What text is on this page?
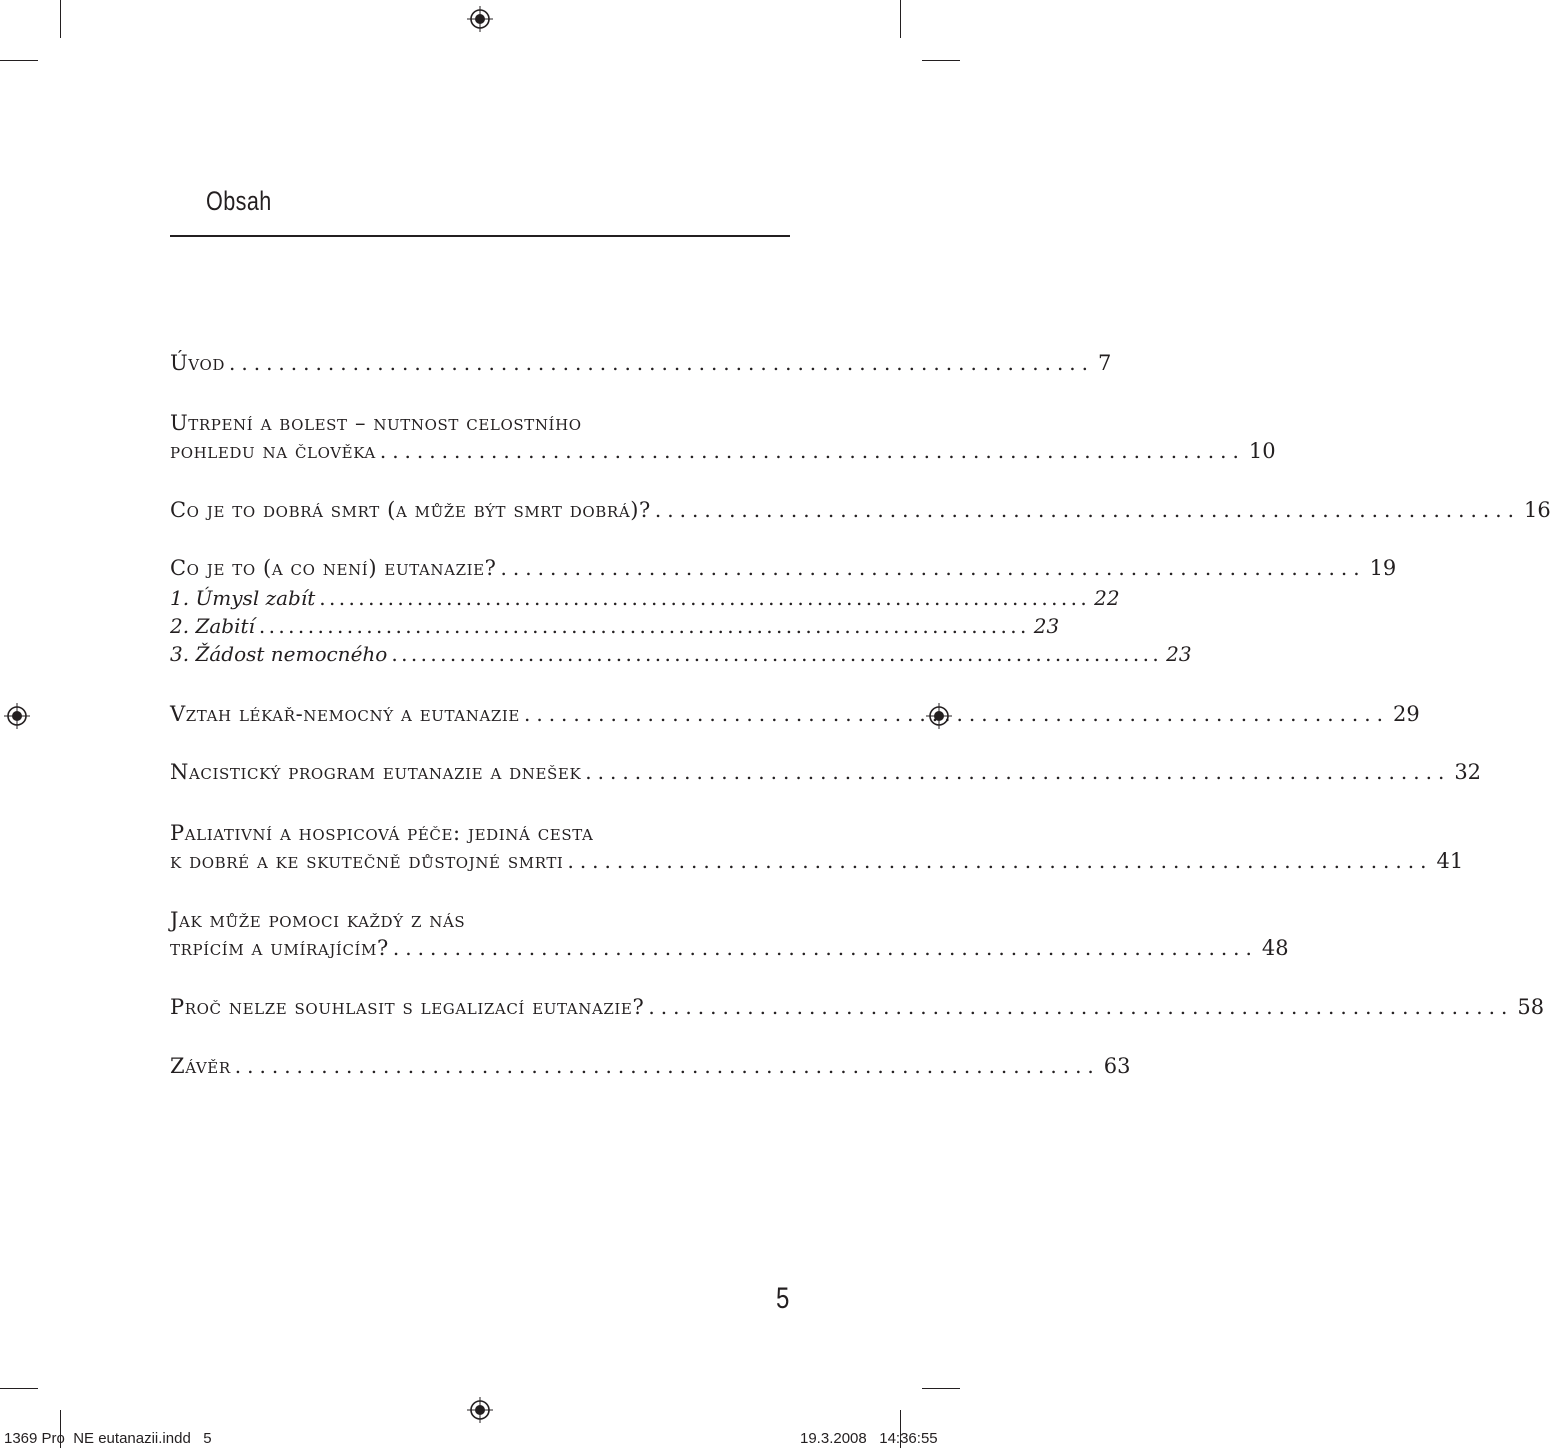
Obsah
Úvod ...................................................................... 7
Utrpení a bolest – nutnost celostního
pohledu na člověka ...................................................................... 10
Co je to dobrá smrt (a může být smrt dobrá)? ...................................................................... 16
Co je to (a co není) eutanazie? ...................................................................... 19
1. Úmysl zabít ............................................................................... 22
2. Zabití ............................................................................... 23
3. Žádost nemocného ............................................................................... 23
Vztah lékař-nemocný a eutanazie ...................................................................... 29
Nacistický program eutanazie a dnešek ...................................................................... 32
Paliativní a hospicová péče: jediná cesta
k dobré a ke skutečně důstojné smrti ...................................................................... 41
Jak může pomoci každý z nás
trpícím a umírajícím? ...................................................................... 48
Proč nelze souhlasit s legalizací eutanazie? ...................................................................... 58
Závěr ...................................................................... 63
5
1369 Pro  NE eutanazii.indd   5	19.3.2008   14:36:55
